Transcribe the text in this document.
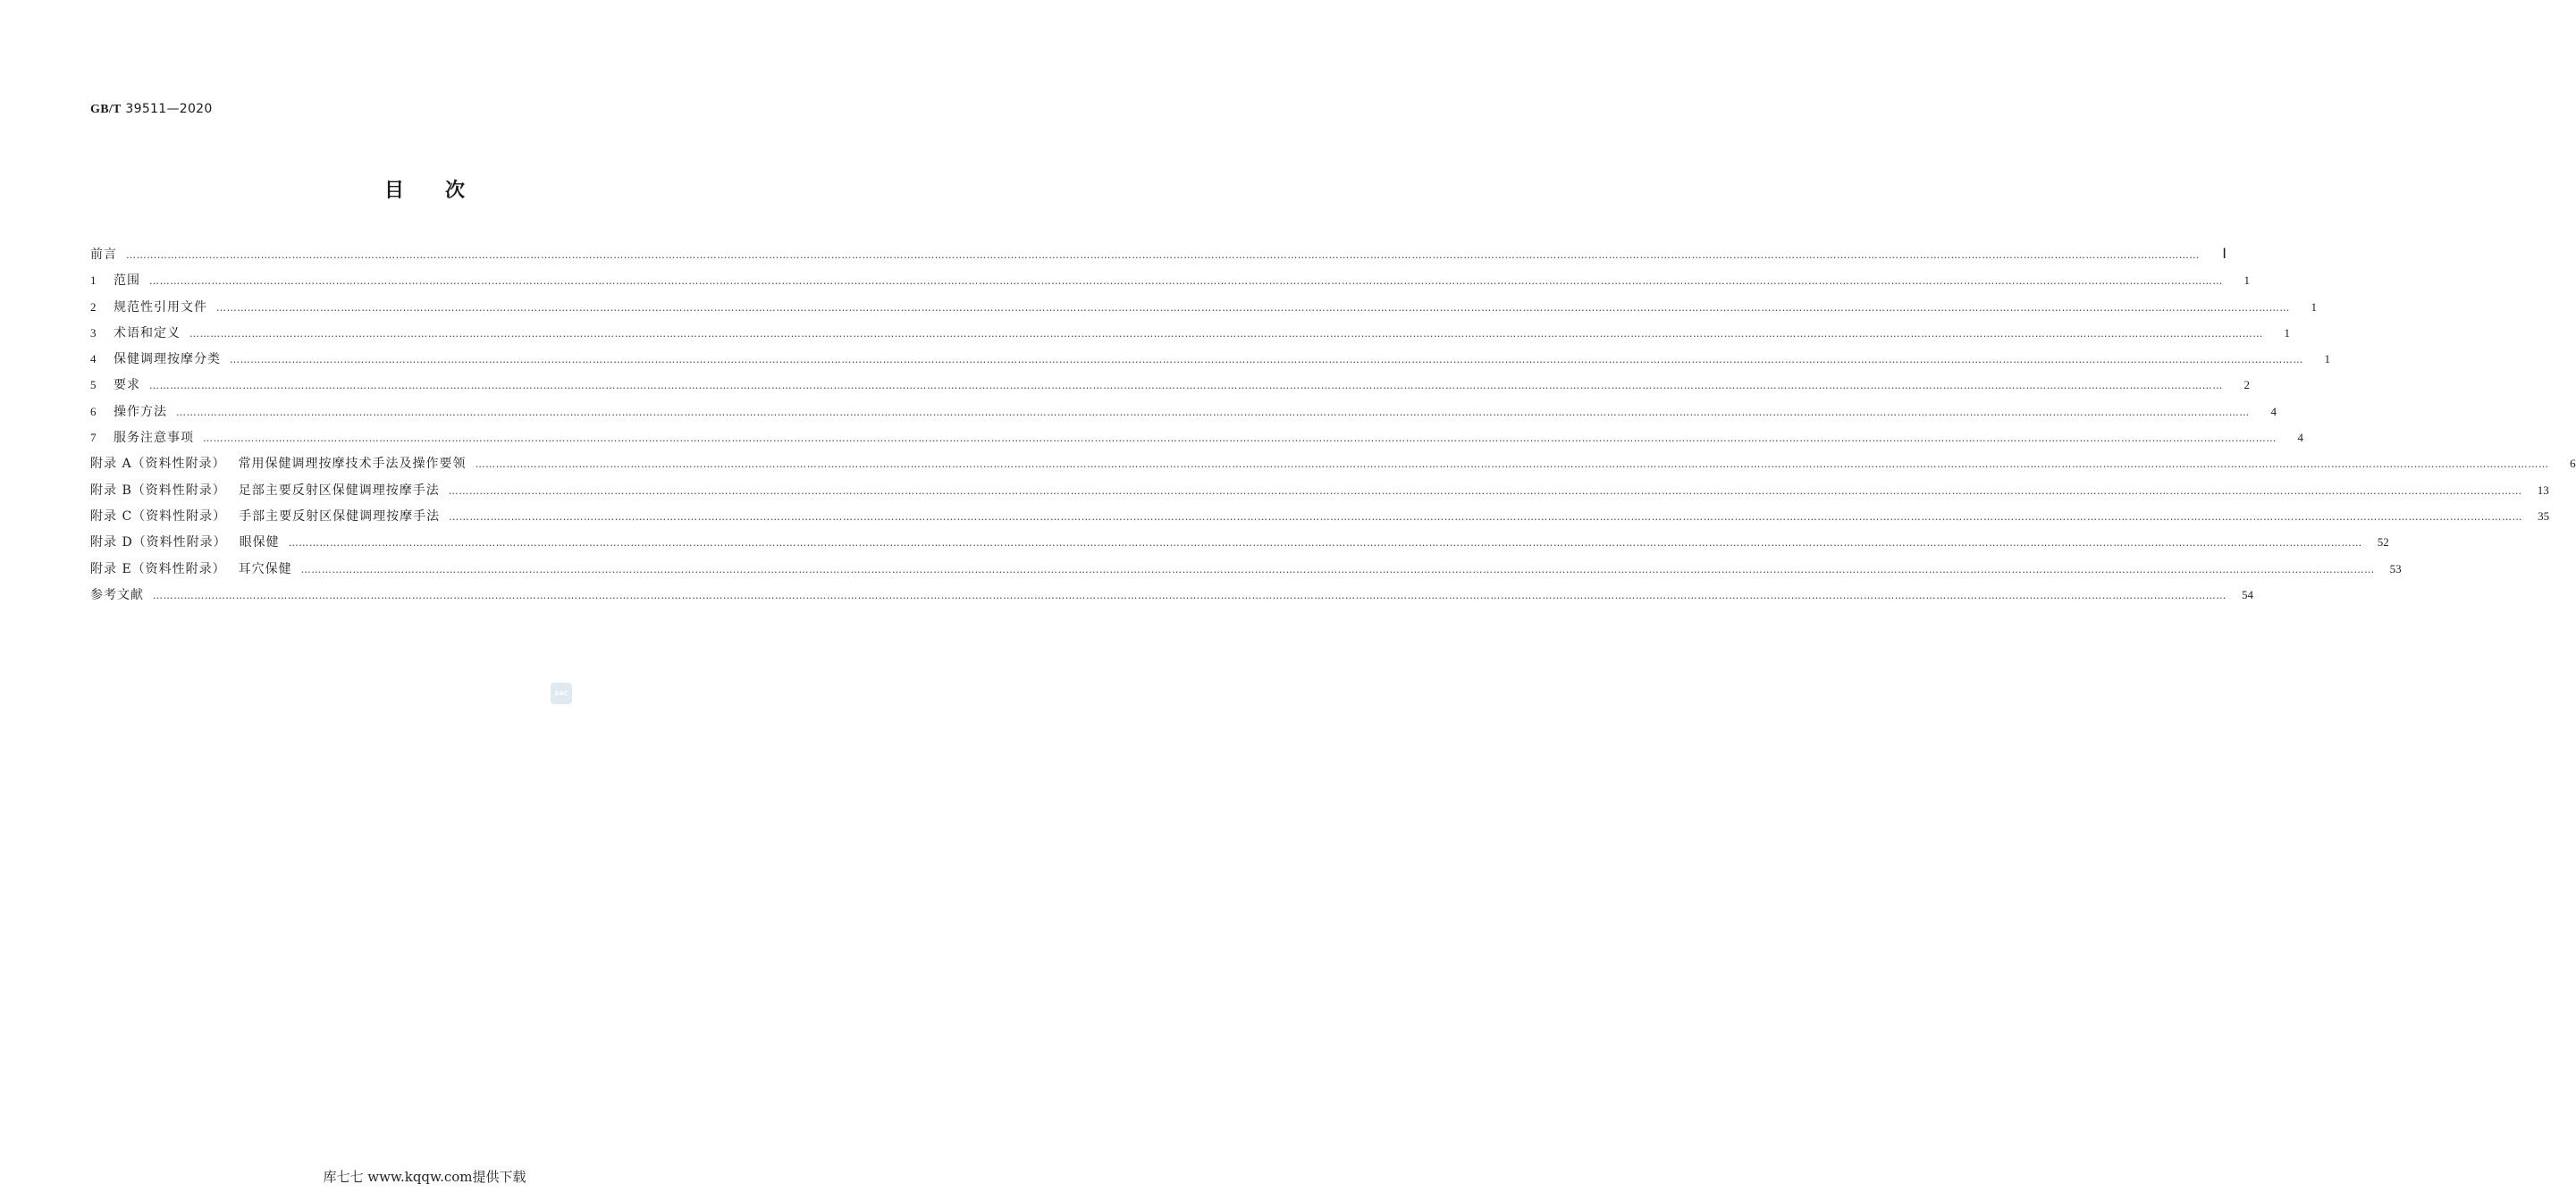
GB/T 39511—2020
目 次
前言 ……………………………………………………………………………………………………………………………………………………………………………………………………………………………………………………………………………………………………………………………………………………………………………………………………………………………………………………………………………………………………………………………………………………	Ⅰ
1	范围 ……………………………………………………………………………………………………………………………………………………………………………………………………………………………………………………………………………………………………………………………………………………………………………………………………………………………………………………………………………………………………………………………………………………	1
2	规范性引用文件 ……………………………………………………………………………………………………………………………………………………………………………………………………………………………………………………………………………………………………………………………………………………………………………………………………………………………………………………………………………………………………………………………………………………	1
3	术语和定义 ……………………………………………………………………………………………………………………………………………………………………………………………………………………………………………………………………………………………………………………………………………………………………………………………………………………………………………………………………………………………………………………………………………………	1
4	保健调理按摩分类 ……………………………………………………………………………………………………………………………………………………………………………………………………………………………………………………………………………………………………………………………………………………………………………………………………………………………………………………………………………………………………………………………………………………	1
5	要求 ……………………………………………………………………………………………………………………………………………………………………………………………………………………………………………………………………………………………………………………………………………………………………………………………………………………………………………………………………………………………………………………………………………………	2
6	操作方法 ……………………………………………………………………………………………………………………………………………………………………………………………………………………………………………………………………………………………………………………………………………………………………………………………………………………………………………………………………………………………………………………………………………………	4
7	服务注意事项 ……………………………………………………………………………………………………………………………………………………………………………………………………………………………………………………………………………………………………………………………………………………………………………………………………………………………………………………………………………………………………………………………………………………	4
附录 A（资料性附录） 常用保健调理按摩技术手法及操作要领 ……………………………………………………………………………………………………………………………………………………………………………………………………………………………………………………………………………………………………………………………………………………………………………………………………………………………………………………………………………………………………………………………………………………	6
附录 B（资料性附录） 足部主要反射区保健调理按摩手法 ……………………………………………………………………………………………………………………………………………………………………………………………………………………………………………………………………………………………………………………………………………………………………………………………………………………………………………………………………………………………………………………………………………………	13
附录 C（资料性附录） 手部主要反射区保健调理按摩手法 ……………………………………………………………………………………………………………………………………………………………………………………………………………………………………………………………………………………………………………………………………………………………………………………………………………………………………………………………………………………………………………………………………………………	35
附录 D（资料性附录） 眼保健 ……………………………………………………………………………………………………………………………………………………………………………………………………………………………………………………………………………………………………………………………………………………………………………………………………………………………………………………………………………………………………………………………………………………	52
附录 E（资料性附录） 耳穴保健 ……………………………………………………………………………………………………………………………………………………………………………………………………………………………………………………………………………………………………………………………………………………………………………………………………………………………………………………………………………………………………………………………………………………	53
参考文献 ……………………………………………………………………………………………………………………………………………………………………………………………………………………………………………………………………………………………………………………………………………………………………………………………………………………………………………………………………………………………………………………………………………………	54
SAC
库七七 www.kqqw.com提供下载
